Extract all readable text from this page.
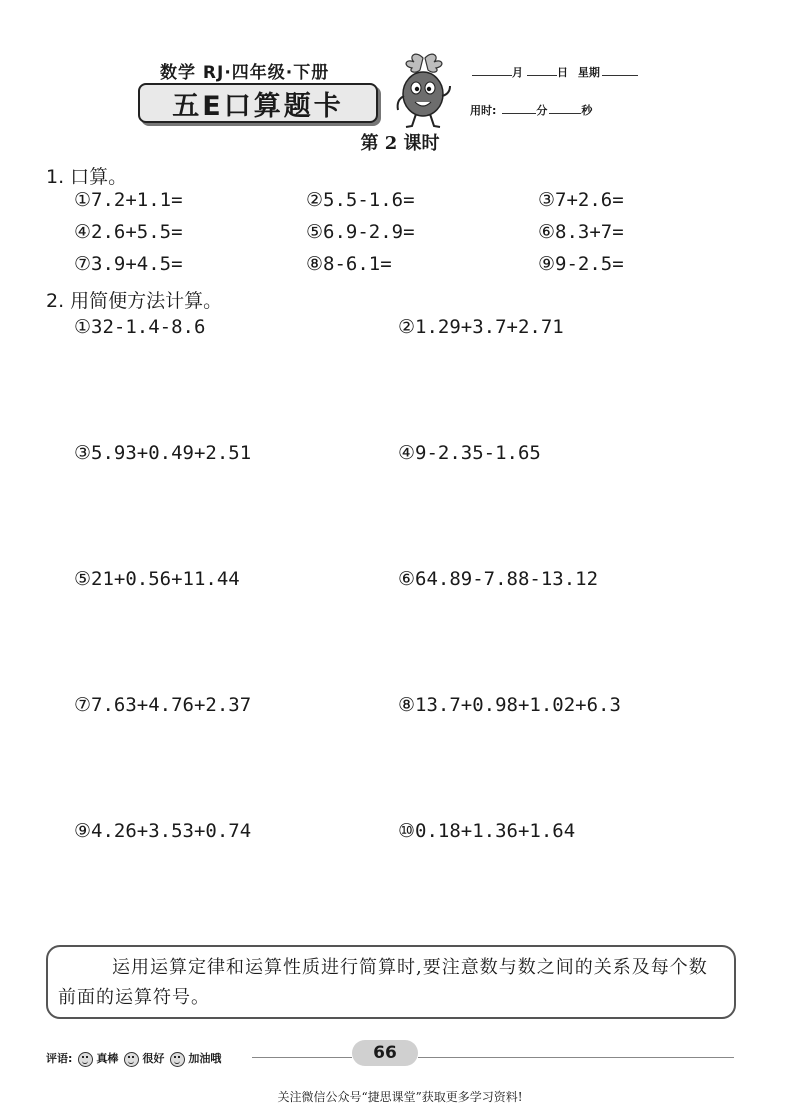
数学 RJ·四年级·下册
五E口算题卡
月	日 星期
用时:	分	秒
第 2 课时
1. 口算。
①7.2+1.1=	②5.5-1.6=	③7+2.6=
④2.6+5.5=	⑤6.9-2.9=	⑥8.3+7=
⑦3.9+4.5=	⑧8-6.1=	⑨9-2.5=
2. 用简便方法计算。
①32-1.4-8.6	②1.29+3.7+2.71
③5.93+0.49+2.51	④9-2.35-1.65
⑤21+0.56+11.44	⑥64.89-7.88-13.12
⑦7.63+4.76+2.37	⑧13.7+0.98+1.02+6.3
⑨4.26+3.53+0.74	⑩0.18+1.36+1.64
运用运算定律和运算性质进行简算时,要注意数与数之间的关系及每个数前面的运算符号。
评语: 真棒 很好 加油哦	66
关注微信公众号“捷思课堂”获取更多学习资料!
